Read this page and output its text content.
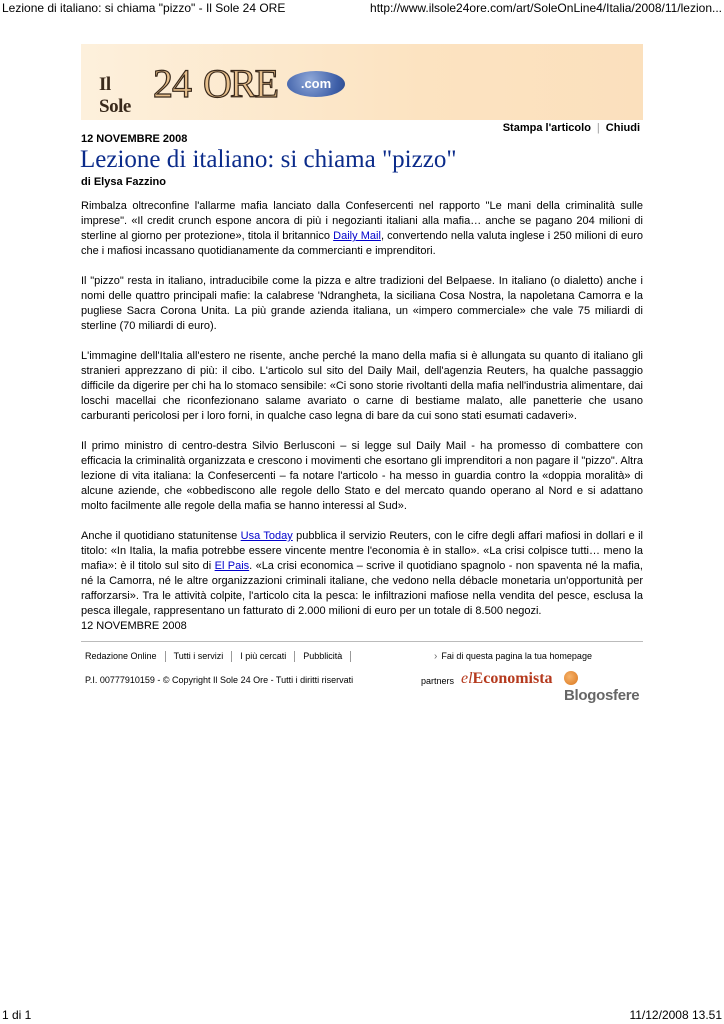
Lezione di italiano: si chiama "pizzo" - Il Sole 24 ORE	http://www.ilsole24ore.com/art/SoleOnLine4/Italia/2008/11/lezion...
Il Sole
24 ORE	.com
Stampa l'articolo | Chiudi
12 NOVEMBRE 2008
Lezione di italiano: si chiama "pizzo"
di Elysa Fazzino

Rimbalza oltreconfine l'allarme mafia lanciato dalla Confesercenti nel rapporto "Le mani della criminalità sulle imprese". «Il credit crunch espone ancora di più i negozianti italiani alla mafia… anche se pagano 204 milioni di sterline al giorno per protezione», titola il britannico Daily Mail, convertendo nella valuta inglese i 250 milioni di euro che i mafiosi incassano quotidianamente da commercianti e imprenditori.

Il "pizzo" resta in italiano, intraducibile come la pizza e altre tradizioni del Belpaese. In italiano (o dialetto) anche i nomi delle quattro principali mafie: la calabrese 'Ndrangheta, la siciliana Cosa Nostra, la napoletana Camorra e la pugliese Sacra Corona Unita. La più grande azienda italiana, un «impero commerciale» che vale 75 miliardi di sterline (70 miliardi di euro).

L'immagine dell'Italia all'estero ne risente, anche perché la mano della mafia si è allungata su quanto di italiano gli stranieri apprezzano di più: il cibo. L'articolo sul sito del Daily Mail, dell'agenzia Reuters, ha qualche passaggio difficile da digerire per chi ha lo stomaco sensibile: «Ci sono storie rivoltanti della mafia nell'industria alimentare, dai loschi macellai che riconfezionano salame avariato o carne di bestiame malato, alle panetterie che usano carburanti pericolosi per i loro forni, in qualche caso legna di bare da cui sono stati esumati cadaveri».

Il primo ministro di centro-destra Silvio Berlusconi – si legge sul Daily Mail - ha promesso di combattere con efficacia la criminalità organizzata e crescono i movimenti che esortano gli imprenditori a non pagare il "pizzo". Altra lezione di vita italiana: la Confesercenti – fa notare l'articolo - ha messo in guardia contro la «doppia moralità» di alcune aziende, che «obbediscono alle regole dello Stato e del mercato quando operano al Nord e si adattano molto facilmente alle regole della mafia se hanno interessi al Sud».

Anche il quotidiano statunitense Usa Today pubblica il servizio Reuters, con le cifre degli affari mafiosi in dollari e il titolo: «In Italia, la mafia potrebbe essere vincente mentre l'economia è in stallo». «La crisi colpisce tutti… meno la mafia»: è il titolo sul sito di El Pais. «La crisi economica – scrive il quotidiano spagnolo - non spaventa né la mafia, né la Camorra, né le altre organizzazioni criminali italiane, che vedono nella débacle monetaria un'opportunità per rafforzarsi». Tra le attività colpite, l'articolo cita la pesca: le infiltrazioni mafiose nella vendita del pesce, esclusa la pesca illegale, rappresentano un fatturato di 2.000 milioni di euro per un totale di 8.500 negozi.

12 NOVEMBRE 2008
Redazione Online Tutti i servizi I più cercati Pubblicità	› Fai di questa pagina la tua homepage
P.I. 00777910159 - © Copyright Il Sole 24 Ore - Tutti i diritti riservati	partners elEconomista
Blogosfere
1 di 1	11/12/2008 13.51
